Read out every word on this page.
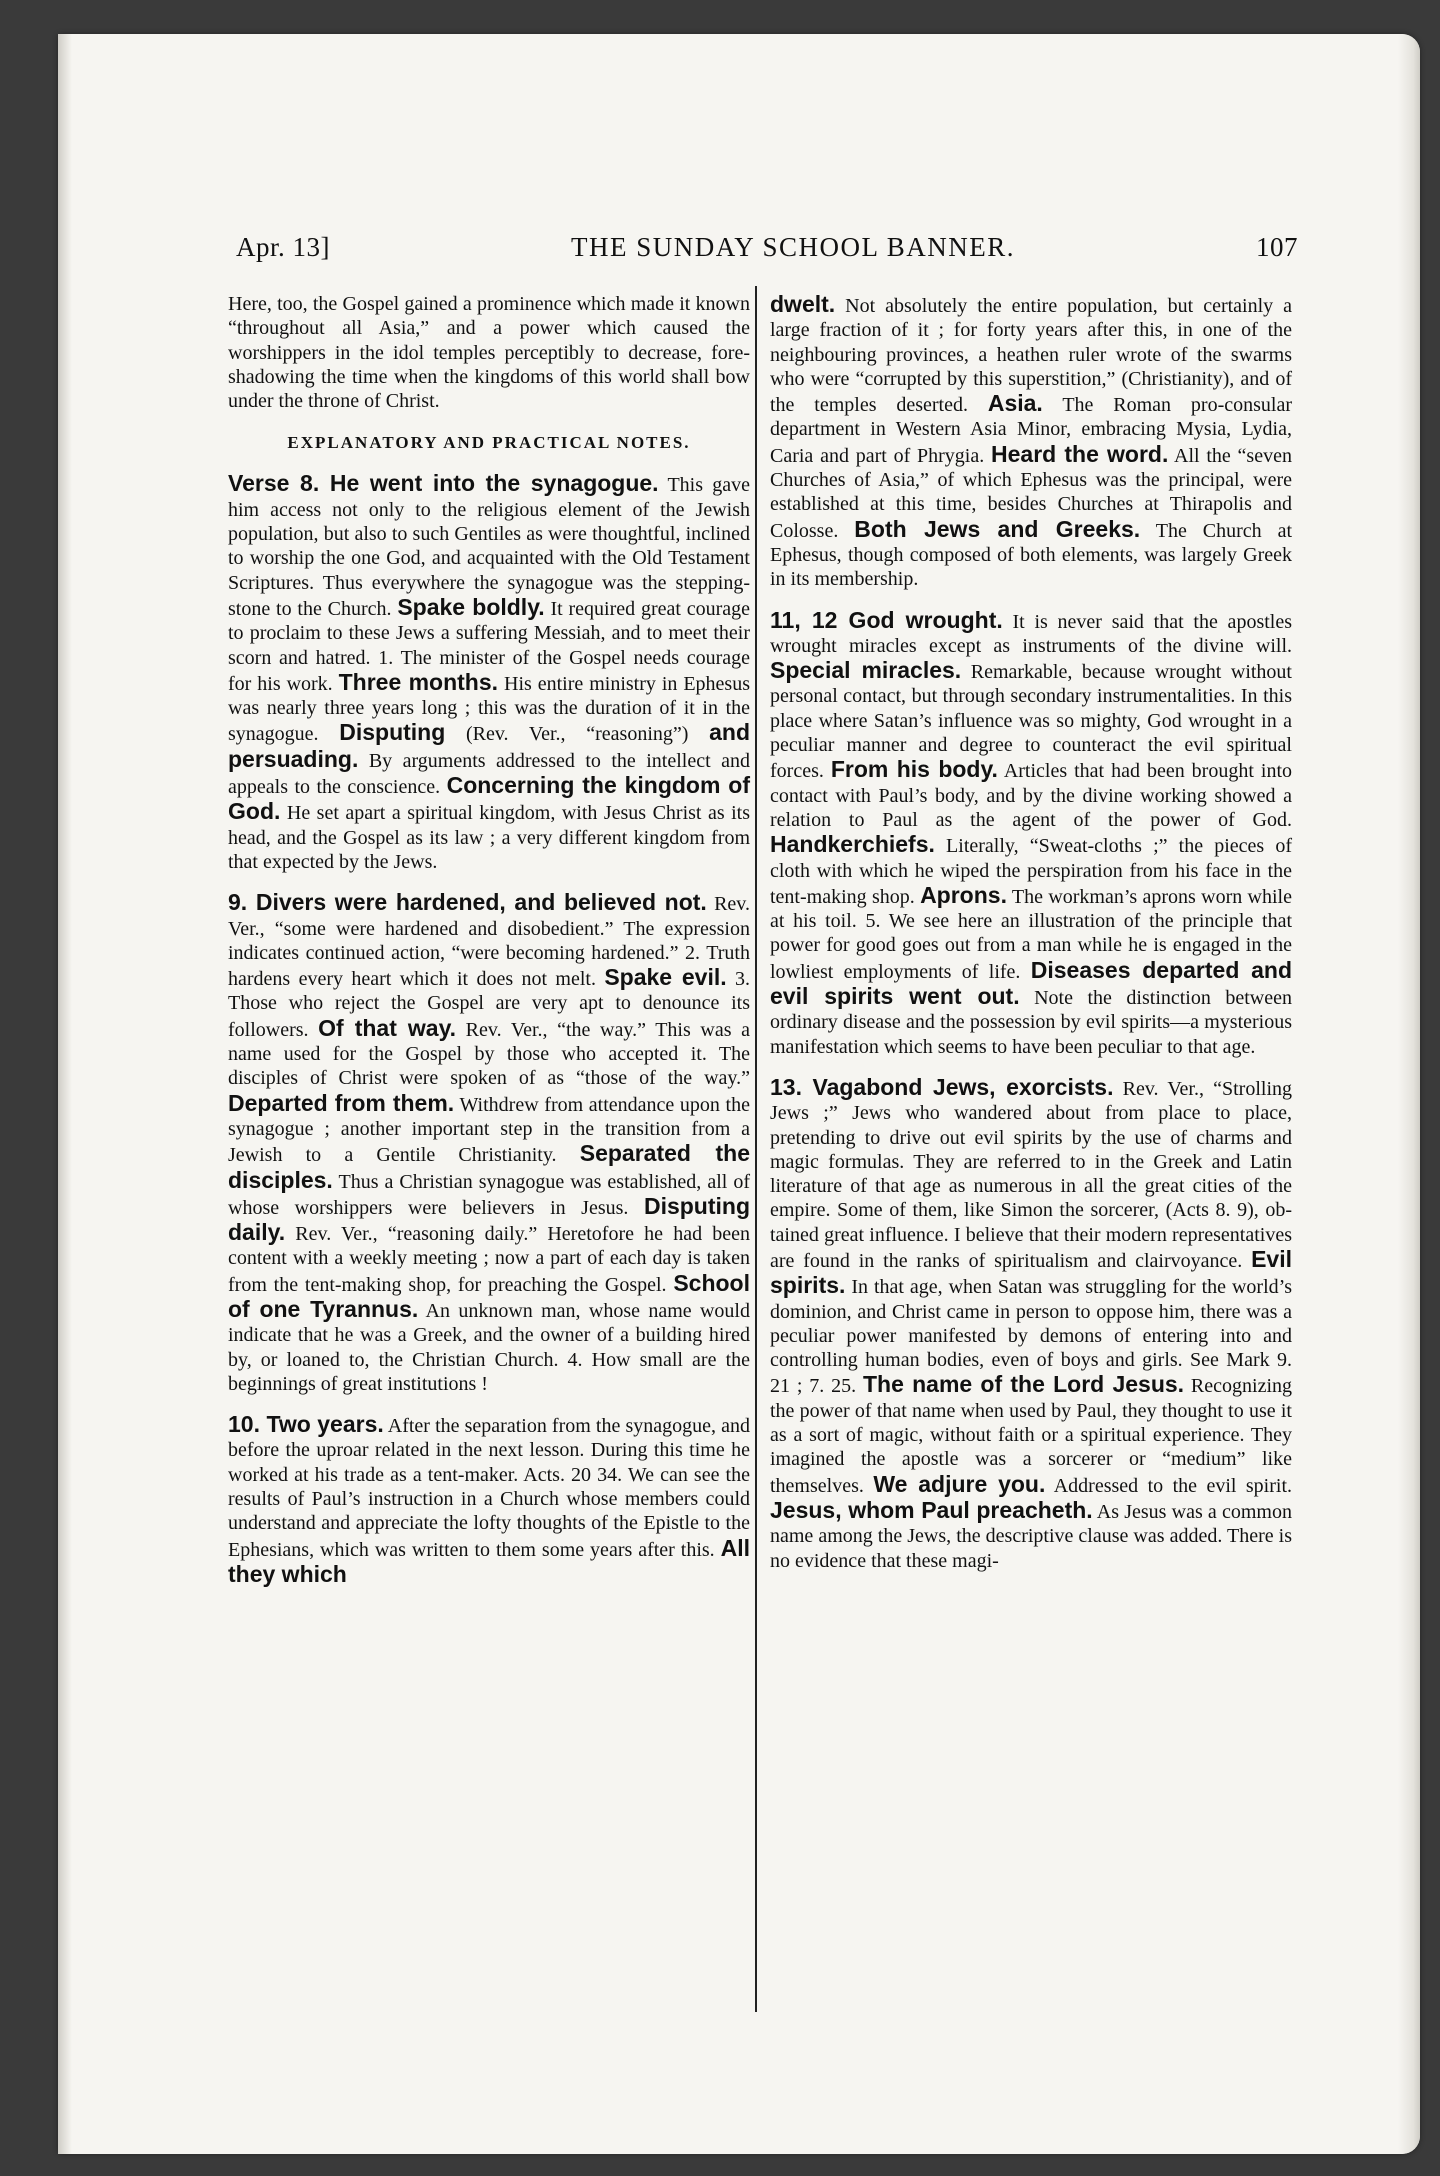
Apr. 13]	THE SUNDAY SCHOOL BANNER.	107

Here, too, the Gospel gained a prominence which made it known “throughout all Asia,” and a power which caused the worshippers in the idol temples perceptibly to decrease, foreshadowing the time when the kingdoms of this world shall bow under the throne of Christ.

EXPLANATORY AND PRACTICAL NOTES.

Verse 8. He went into the synagogue. This gave him access not only to the religious element of the Jewish population, but also to such Gentiles as were thoughtful, inclined to worship the one God, and acquainted with the Old Testament Scriptures. Thus everywhere the synagogue was the stepping-stone to the Church. Spake boldly. It required great courage to proclaim to these Jews a suffering Messiah, and to meet their scorn and hatred. 1. The minister of the Gospel needs courage for his work. Three months. His entire ministry in Ephesus was nearly three years long ; this was the duration of it in the synagogue. Disputing (Rev. Ver., “reasoning”) and persuading. By arguments addressed to the intellect and appeals to the conscience. Concerning the kingdom of God. He set apart a spiritual kingdom, with Jesus Christ as its head, and the Gospel as its law ; a very different kingdom from that expected by the Jews.

9. Divers were hardened, and believed not. Rev. Ver., “some were hardened and disobedient.” The expression indicates continued action, “were becoming hardened.” 2. Truth hardens every heart which it does not melt. Spake evil. 3. Those who reject the Gospel are very apt to denounce its followers. Of that way. Rev. Ver., “the way.” This was a name used for the Gospel by those who accepted it. The disciples of Christ were spoken of as “those of the way.” Departed from them. Withdrew from attendance upon the synagogue ; another important step in the transition from a Jewish to a Gentile Christianity. Separated the disciples. Thus a Christian synagogue was established, all of whose worshippers were believers in Jesus. Disputing daily. Rev. Ver., “reasoning daily.” Heretofore he had been content with a weekly meeting ; now a part of each day is taken from the tent-making shop, for preaching the Gospel. School of one Tyrannus. An unknown man, whose name would indicate that he was a Greek, and the owner of a building hired by, or loaned to, the Christian Church. 4. How small are the beginnings of great institutions !

10. Two years. After the separation from the synagogue, and before the uproar related in the next lesson. During this time he worked at his trade as a tent-maker. Acts. 20 34. We can see the results of Paul’s instruction in a Church whose members could understand and appreciate the lofty thoughts of the Epistle to the Ephesians, which was written to them some years after this. All they which

dwelt. Not absolutely the entire population, but certainly a large fraction of it ; for forty years after this, in one of the neighbouring provinces, a heathen ruler wrote of the swarms who were “corrupted by this superstition,” (Christianity), and of the temples deserted. Asia. The Roman pro-consular department in Western Asia Minor, embracing Mysia, Lydia, Caria and part of Phrygia. Heard the word. All the “seven Churches of Asia,” of which Ephesus was the principal, were established at this time, besides Churches at Thirapolis and Colosse. Both Jews and Greeks. The Church at Ephesus, though composed of both elements, was largely Greek in its membership.

11, 12 God wrought. It is never said that the apostles wrought miracles except as instruments of the divine will. Special miracles. Remarkable, because wrought without personal contact, but through secondary instrumentalities. In this place where Satan’s influence was so mighty, God wrought in a peculiar manner and degree to counteract the evil spiritual forces. From his body. Articles that had been brought into contact with Paul’s body, and by the divine working showed a relation to Paul as the agent of the power of God. Handkerchiefs. Literally, “Sweat-cloths ;” the pieces of cloth with which he wiped the perspiration from his face in the tent-making shop. Aprons. The workman’s aprons worn while at his toil. 5. We see here an illustration of the principle that power for good goes out from a man while he is engaged in the lowliest employments of life. Diseases departed and evil spirits went out. Note the distinction between ordinary disease and the possession by evil spirits—a mysterious manifestation which seems to have been peculiar to that age.

13. Vagabond Jews, exorcists. Rev. Ver., “Strolling Jews ;” Jews who wandered about from place to place, pretending to drive out evil spirits by the use of charms and magic formulas. They are referred to in the Greek and Latin literature of that age as numerous in all the great cities of the empire. Some of them, like Simon the sorcerer, (Acts 8. 9), obtained great influence. I believe that their modern representatives are found in the ranks of spiritualism and clairvoyance. Evil spirits. In that age, when Satan was struggling for the world’s dominion, and Christ came in person to oppose him, there was a peculiar power manifested by demons of entering into and controlling human bodies, even of boys and girls. See Mark 9. 21 ; 7. 25. The name of the Lord Jesus. Recognizing the power of that name when used by Paul, they thought to use it as a sort of magic, without faith or a spiritual experience. They imagined the apostle was a sorcerer or “medium” like themselves. We adjure you. Addressed to the evil spirit. Jesus, whom Paul preacheth. As Jesus was a common name among the Jews, the descriptive clause was added. There is no evidence that these magi-
